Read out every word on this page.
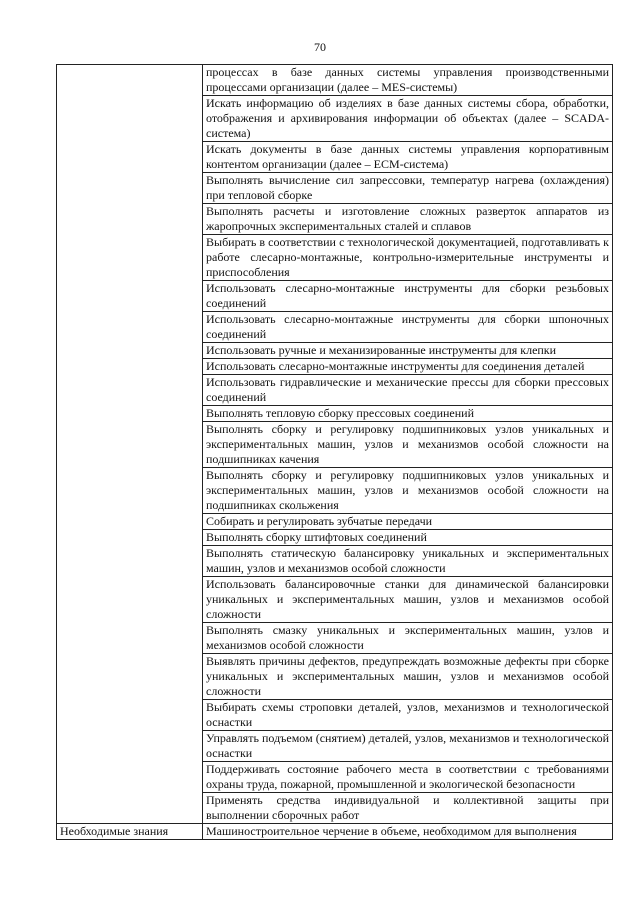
70
	процессах в базе данных системы управления производственными процессами организации (далее – MES-системы)
	Искать информацию об изделиях в базе данных системы сбора, обработки, отображения и архивирования информации об объектах (далее – SCADA-система)
	Искать документы в базе данных системы управления корпоративным контентом организации (далее – ECM-система)
	Выполнять вычисление сил запрессовки, температур нагрева (охлаждения) при тепловой сборке
	Выполнять расчеты и изготовление сложных разверток аппаратов из жаропрочных экспериментальных сталей и сплавов
	Выбирать в соответствии с технологической документацией, подготавливать к работе слесарно-монтажные, контрольно-измерительные инструменты и приспособления
	Использовать слесарно-монтажные инструменты для сборки резьбовых соединений
	Использовать слесарно-монтажные инструменты для сборки шпоночных соединений
	Использовать ручные и механизированные инструменты для клепки
	Использовать слесарно-монтажные инструменты для соединения деталей
	Использовать гидравлические и механические прессы для сборки прессовых соединений
	Выполнять тепловую сборку прессовых соединений
	Выполнять сборку и регулировку подшипниковых узлов уникальных и экспериментальных машин, узлов и механизмов особой сложности на подшипниках качения
	Выполнять сборку и регулировку подшипниковых узлов уникальных и экспериментальных машин, узлов и механизмов особой сложности на подшипниках скольжения
	Собирать и регулировать зубчатые передачи
	Выполнять сборку штифтовых соединений
	Выполнять статическую балансировку уникальных и экспериментальных машин, узлов и механизмов особой сложности
	Использовать балансировочные станки для динамической балансировки уникальных и экспериментальных машин, узлов и механизмов особой сложности
	Выполнять смазку уникальных и экспериментальных машин, узлов и механизмов особой сложности
	Выявлять причины дефектов, предупреждать возможные дефекты при сборке уникальных и экспериментальных машин, узлов и механизмов особой сложности
	Выбирать схемы строповки деталей, узлов, механизмов и технологической оснастки
	Управлять подъемом (снятием) деталей, узлов, механизмов и технологической оснастки
	Поддерживать состояние рабочего места в соответствии с требованиями охраны труда, пожарной, промышленной и экологической безопасности
	Применять средства индивидуальной и коллективной защиты при выполнении сборочных работ
Необходимые знания	Машиностроительное черчение в объеме, необходимом для выполнения
